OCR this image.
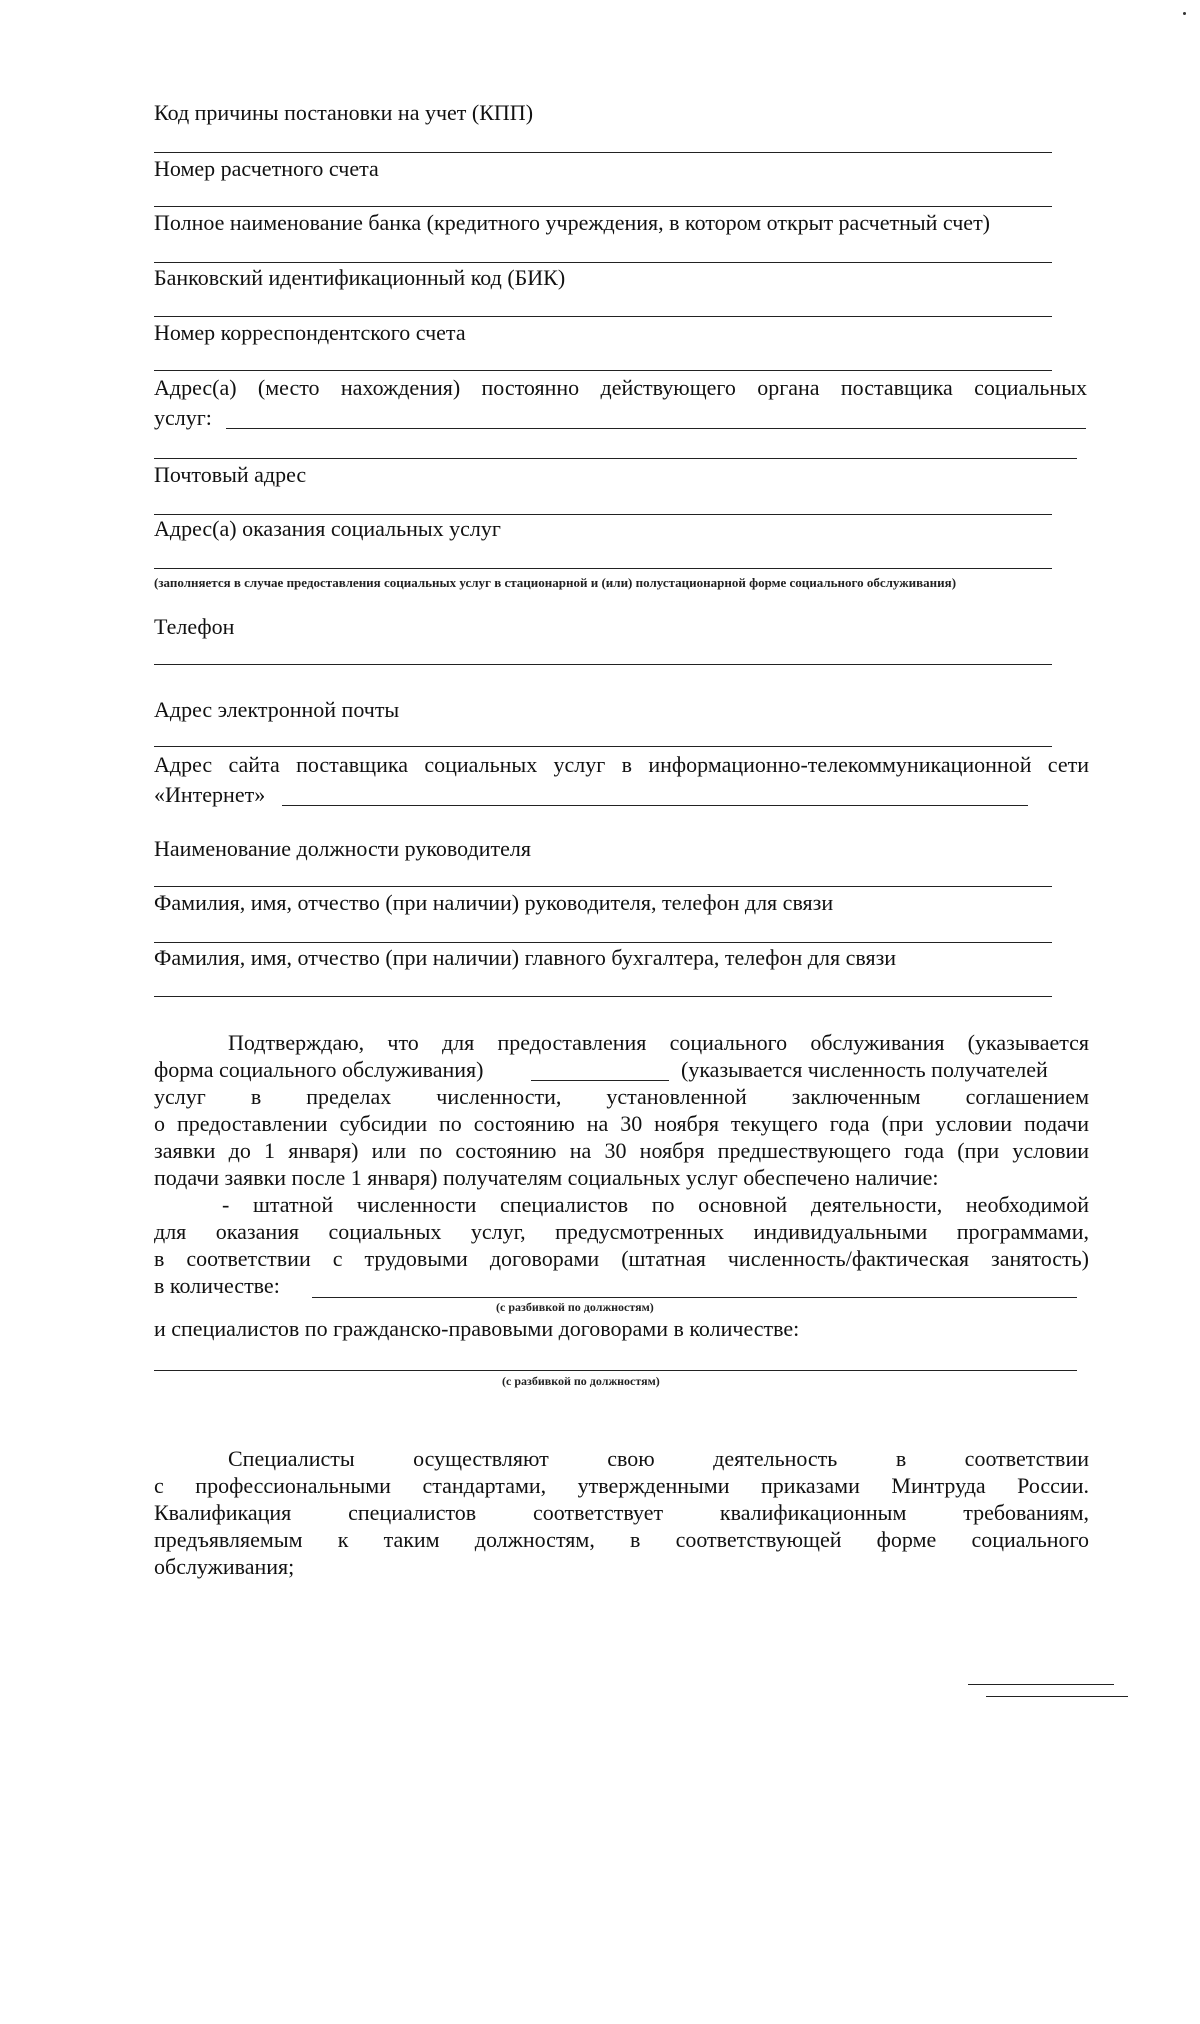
Код причины постановки на учет (КПП)

Номер расчетного счета

Полное наименование банка (кредитного учреждения, в котором открыт расчетный счет)

Банковский идентификационный код (БИК)

Номер корреспондентского счета

Адрес(а) (место нахождения) постоянно действующего органа поставщика социальных

услуг:

Почтовый адрес

Адрес(а) оказания социальных услуг

(заполняется в случае предоставления социальных услуг в стационарной и (или) полустационарной форме социального обслуживания)

Телефон

Адрес электронной почты

Адрес сайта поставщика социальных услуг в информационно-телекоммуникационной сети

«Интернет»

Наименование должности руководителя

Фамилия, имя, отчество (при наличии) руководителя, телефон для связи

Фамилия, имя, отчество (при наличии) главного бухгалтера, телефон для связи

Подтверждаю, что для предоставления социального обслуживания (указывается

форма социального обслуживания)	(указывается численность получателей

услуг в пределах численности, установленной заключенным соглашением

о предоставлении субсидии по состоянию на 30 ноября текущего года (при условии подачи

заявки до 1 января) или по состоянию на 30 ноября предшествующего года (при условии

подачи заявки после 1 января) получателям социальных услуг обеспечено наличие:

- штатной численности специалистов по основной деятельности, необходимой

для оказания социальных услуг, предусмотренных индивидуальными программами,

в соответствии с трудовыми договорами (штатная численность/фактическая занятость)

в количестве:

(с разбивкой по должностям)

и специалистов по гражданско-правовыми договорами в количестве:

(с разбивкой по должностям)

Специалисты осуществляют свою деятельность в соответствии

с профессиональными стандартами, утвержденными приказами Минтруда России.

Квалификация специалистов соответствует квалификационным требованиям,

предъявляемым к таким должностям, в соответствующей форме социального

обслуживания;
